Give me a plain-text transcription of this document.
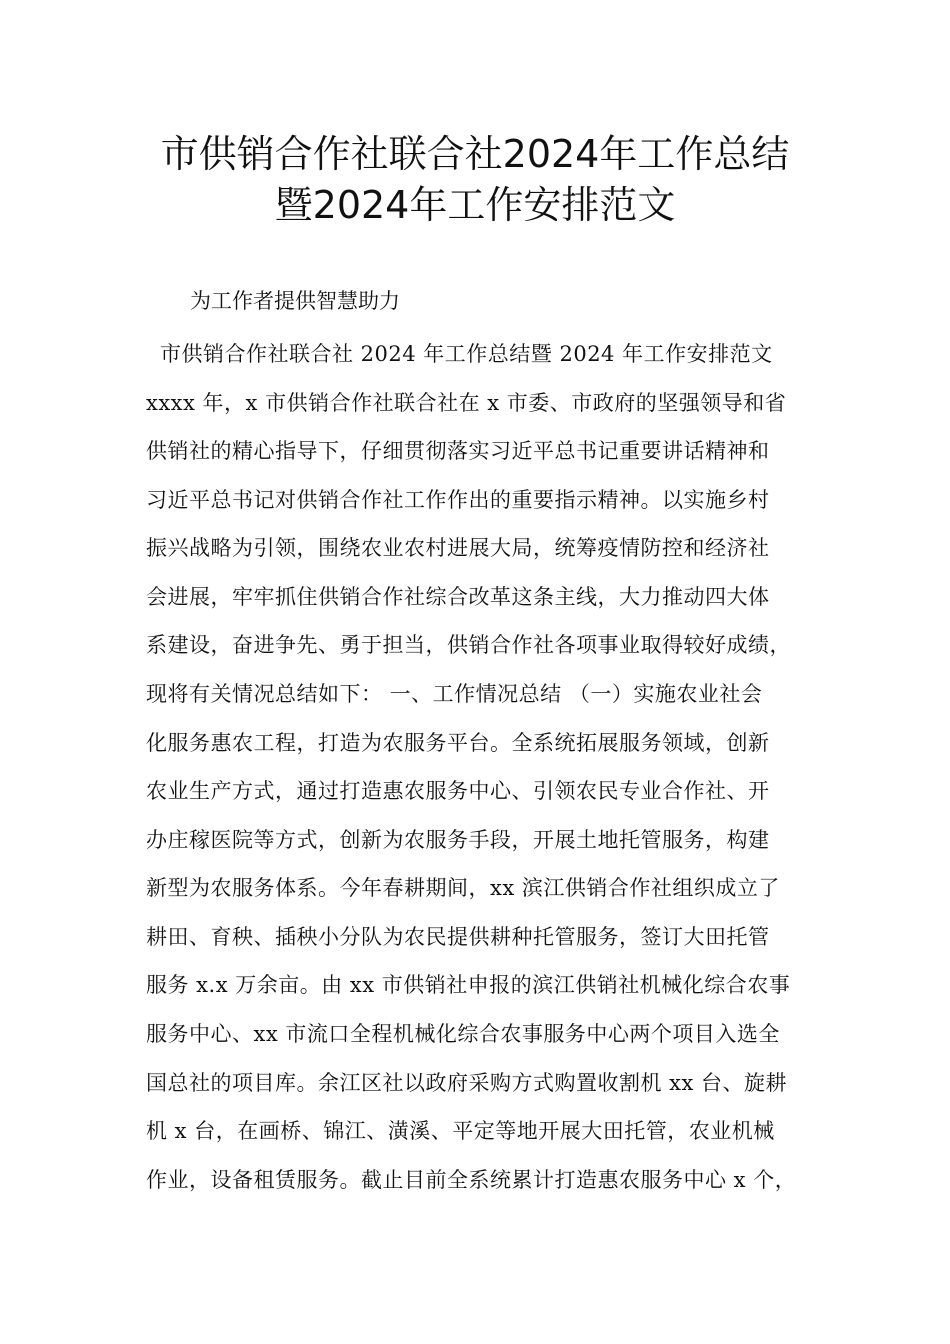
市供销合作社联合社2024年工作总结
暨2024年工作安排范文
为工作者提供智慧助力
市供销合作社联合社 2024 年工作总结暨 2024 年工作安排范文
xxxx 年，x 市供销合作社联合社在 x 市委、市政府的坚强领导和省
供销社的精心指导下，仔细贯彻落实习近平总书记重要讲话精神和
习近平总书记对供销合作社工作作出的重要指示精神。以实施乡村
振兴战略为引领，围绕农业农村进展大局，统筹疫情防控和经济社
会进展，牢牢抓住供销合作社综合改革这条主线，大力推动四大体
系建设，奋进争先、勇于担当，供销合作社各项事业取得较好成绩，
现将有关情况总结如下： 一、工作情况总结 （一）实施农业社会
化服务惠农工程，打造为农服务平台。全系统拓展服务领域，创新
农业生产方式，通过打造惠农服务中心、引领农民专业合作社、开
办庄稼医院等方式，创新为农服务手段，开展土地托管服务，构建
新型为农服务体系。今年春耕期间，xx 滨江供销合作社组织成立了
耕田、育秧、插秧小分队为农民提供耕种托管服务，签订大田托管
服务 x.x 万余亩。由 xx 市供销社申报的滨江供销社机械化综合农事
服务中心、xx 市流口全程机械化综合农事服务中心两个项目入选全
国总社的项目库。余江区社以政府采购方式购置收割机 xx 台、旋耕
机 x 台，在画桥、锦江、潢溪、平定等地开展大田托管，农业机械
作业，设备租赁服务。截止目前全系统累计打造惠农服务中心 x 个，
